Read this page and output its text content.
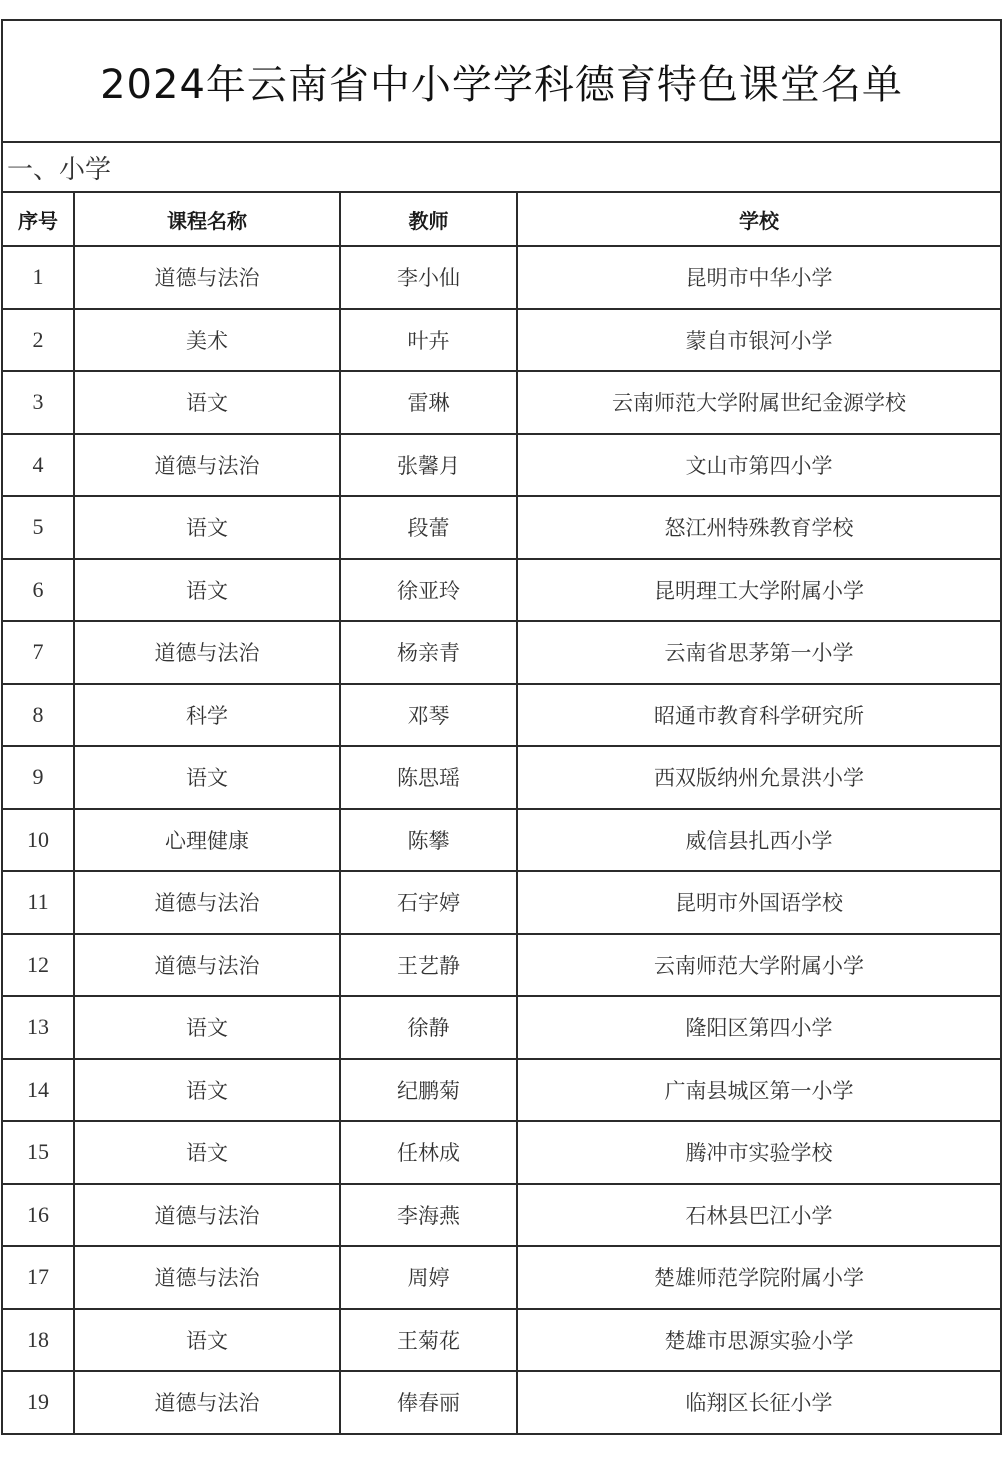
2024年云南省中小学学科德育特色课堂名单			
一、小学			
序号	课程名称	教师	学校
1	道德与法治	李小仙	昆明市中华小学
2	美术	叶卉	蒙自市银河小学
3	语文	雷琳	云南师范大学附属世纪金源学校
4	道德与法治	张馨月	文山市第四小学
5	语文	段蕾	怒江州特殊教育学校
6	语文	徐亚玲	昆明理工大学附属小学
7	道德与法治	杨亲青	云南省思茅第一小学
8	科学	邓琴	昭通市教育科学研究所
9	语文	陈思瑶	西双版纳州允景洪小学
10	心理健康	陈攀	威信县扎西小学
11	道德与法治	石宇婷	昆明市外国语学校
12	道德与法治	王艺静	云南师范大学附属小学
13	语文	徐静	隆阳区第四小学
14	语文	纪鹏菊	广南县城区第一小学
15	语文	任林成	腾冲市实验学校
16	道德与法治	李海燕	石林县巴江小学
17	道德与法治	周婷	楚雄师范学院附属小学
18	语文	王菊花	楚雄市思源实验小学
19	道德与法治	俸春丽	临翔区长征小学
